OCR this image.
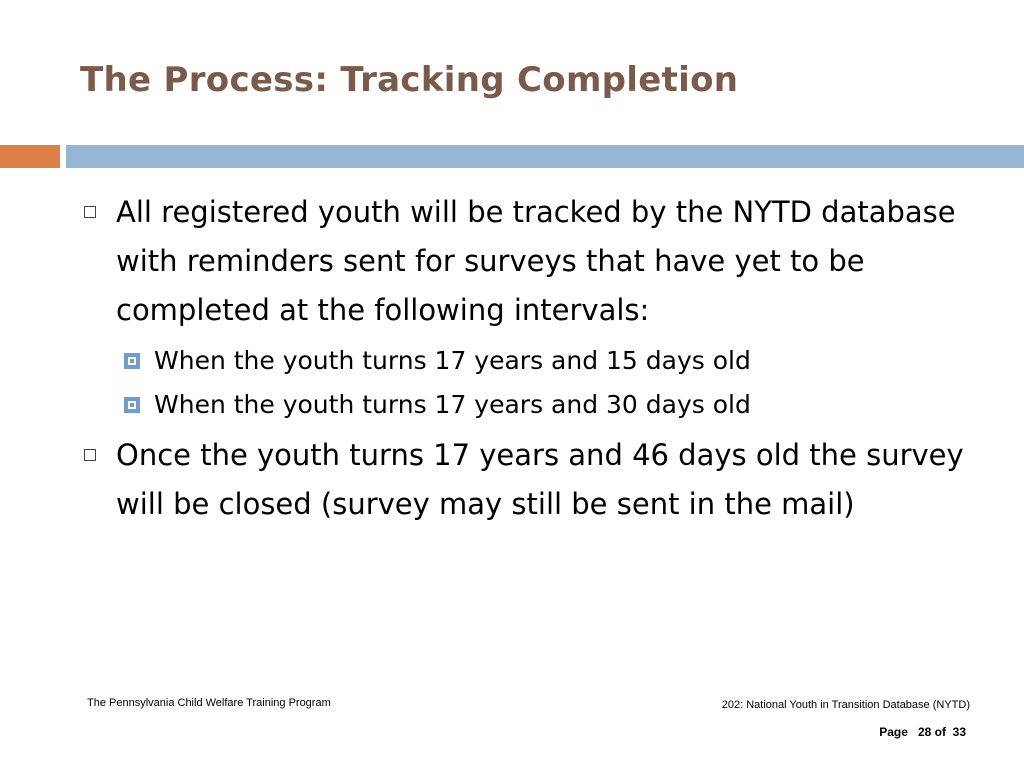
The Process: Tracking Completion
All registered youth will be tracked by the NYTD database with reminders sent for surveys that have yet to be completed at the following intervals:
When the youth turns 17 years and 15 days old
When the youth turns 17 years and 30 days old
Once the youth turns 17 years and 46 days old the survey will be closed (survey may still be sent in the mail)
The Pennsylvania Child Welfare Training Program	202: National Youth in Transition Database (NYTD)
Page 28 of 33
